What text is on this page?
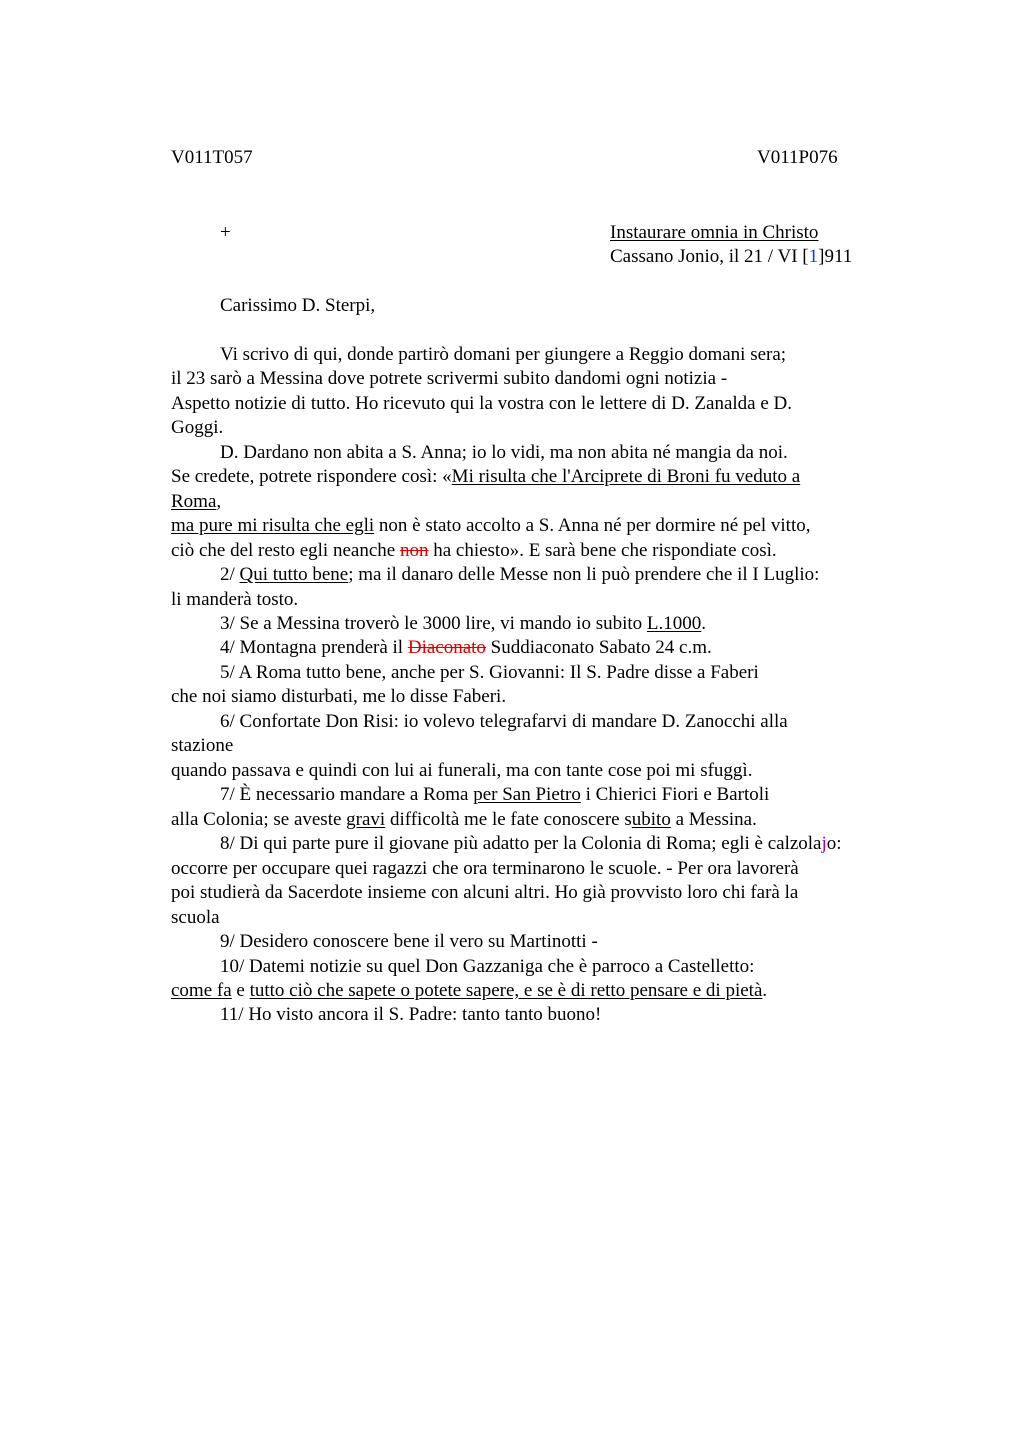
V011T057	V011P076
+	Instaurare omnia in Christo
Cassano Jonio, il 21 / VI [1]911
Carissimo D. Sterpi,
Vi scrivo di qui, donde partirò domani per giungere a Reggio domani sera;
il 23 sarò a Messina dove potrete scrivermi subito dandomi ogni notizia -
Aspetto notizie di tutto. Ho ricevuto qui la vostra con le lettere di D. Zanalda e D.
Goggi.
D. Dardano non abita a S. Anna; io lo vidi, ma non abita né mangia da noi.
Se credete, potrete rispondere così: «Mi risulta che l'Arciprete di Broni fu veduto a
Roma,
ma pure mi risulta che egli non è stato accolto a S. Anna né per dormire né pel vitto,
ciò che del resto egli neanche non ha chiesto». E sarà bene che rispondiate così.
2/ Qui tutto bene; ma il danaro delle Messe non li può prendere che il I Luglio:
li manderà tosto.
3/ Se a Messina troverò le 3000 lire, vi mando io subito L.1000.
4/ Montagna prenderà il Diaconato Suddiaconato Sabato 24 c.m.
5/ A Roma tutto bene, anche per S. Giovanni: Il S. Padre disse a Faberi
che noi siamo disturbati, me lo disse Faberi.
6/ Confortate Don Risi: io volevo telegrafarvi di mandare D. Zanocchi alla
stazione
quando passava e quindi con lui ai funerali, ma con tante cose poi mi sfuggì.
7/ È necessario mandare a Roma per San Pietro i Chierici Fiori e Bartoli
alla Colonia; se aveste gravi difficoltà me le fate conoscere subito a Messina.
8/ Di qui parte pure il giovane più adatto per la Colonia di Roma; egli è calzolajo:
occorre per occupare quei ragazzi che ora terminarono le scuole. - Per ora lavorerà
poi studierà da Sacerdote insieme con alcuni altri. Ho già provvisto loro chi farà la
scuola
9/ Desidero conoscere bene il vero su Martinotti -
10/ Datemi notizie su quel Don Gazzaniga che è parroco a Castelletto:
come fa e tutto ciò che sapete o potete sapere, e se è di retto pensare e di pietà.
11/ Ho visto ancora il S. Padre: tanto tanto buono!
